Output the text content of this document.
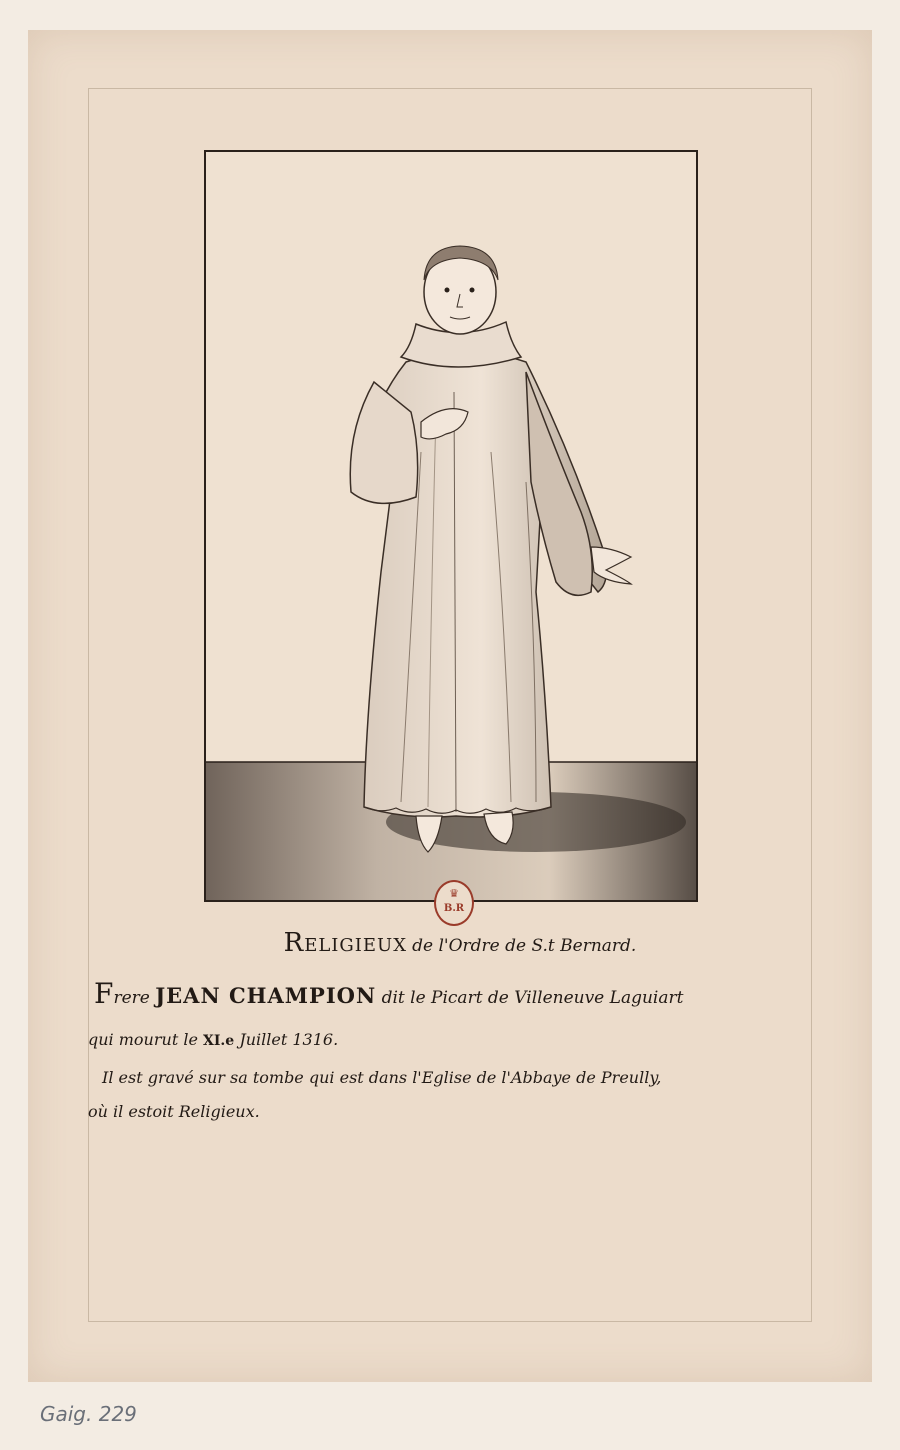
♛
B.R
Religieux de l'Ordre de S.t Bernard.
Frere JEAN CHAMPION dit le Picart de Villeneuve Laguiart
qui mourut le XI.e Juillet 1316.
Il est gravé sur sa tombe qui est dans l'Eglise de l'Abbaye de Preully,
où il estoit Religieux.
Gaig. 229
